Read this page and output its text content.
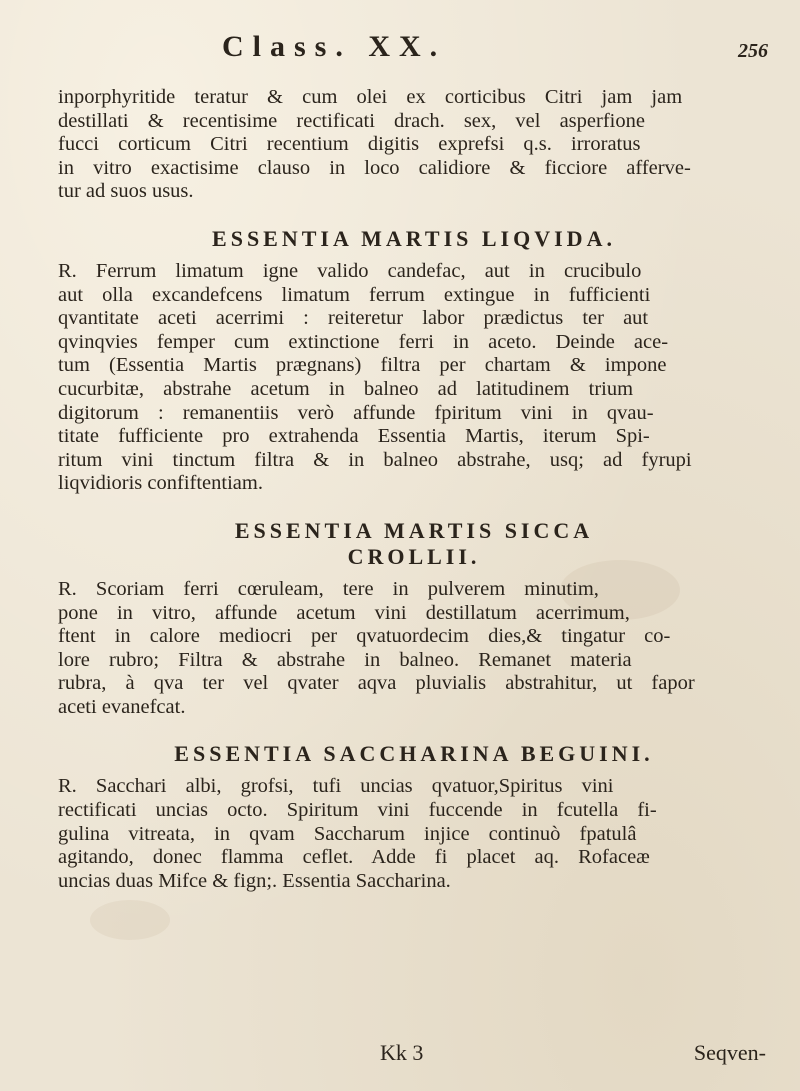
Class. XX.	256
inporphyritide teratur & cum olei ex corticibus Citri jam jam
destillati & recentisime rectificati drach. sex, vel asperfione
fucci corticum Citri recentium digitis exprefsi q.s. irroratus
in vitro exactisime clauso in loco calidiore & ficciore afferve-
tur ad suos usus.
ESSENTIA MARTIS LIQVIDA.
R. Ferrum limatum igne valido candefac, aut in crucibulo
aut olla excandefcens limatum ferrum extingue in fufficienti
qvantitate aceti acerrimi : reiteretur labor prædictus ter aut
qvinqvies femper cum extinctione ferri in aceto. Deinde ace-
tum (Essentia Martis prægnans) filtra per chartam & impone
cucurbitæ, abstrahe acetum in balneo ad latitudinem trium
digitorum : remanentiis verò affunde fpiritum vini in qvau-
titate fufficiente pro extrahenda Essentia Martis, iterum Spi-
ritum vini tinctum filtra & in balneo abstrahe, usq; ad fyrupi
liqvidioris confiftentiam.
ESSENTIA MARTIS SICCA
CROLLII.
R. Scoriam ferri cœruleam, tere in pulverem minutim,
pone in vitro, affunde acetum vini destillatum acerrimum,
ftent in calore mediocri per qvatuordecim dies,& tingatur co-
lore rubro; Filtra & abstrahe in balneo. Remanet materia
rubra, à qva ter vel qvater aqva pluvialis abstrahitur, ut fapor
aceti evanefcat.
ESSENTIA SACCHARINA BEGUINI.
R. Sacchari albi, grofsi, tufi uncias qvatuor,Spiritus vini
rectificati uncias octo. Spiritum vini fuccende in fcutella fi-
gulina vitreata, in qvam Saccharum injice continuò fpatulâ
agitando, donec flamma ceflet. Adde fi placet aq. Rofaceæ
uncias duas Mifce & fign;. Essentia Saccharina.
Kk 3	Seqven-
